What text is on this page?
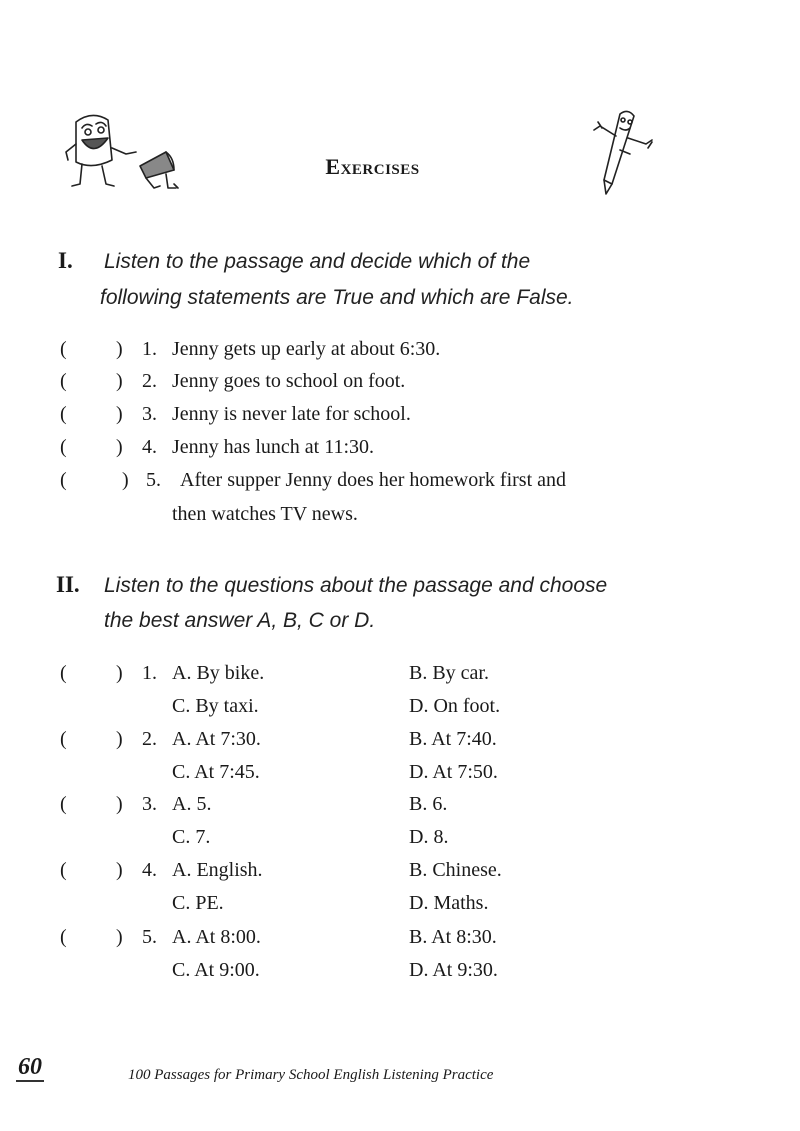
Exercises
I. Listen to the passage and decide which of the
following statements are True and which are False.
( ) 1. Jenny gets up early at about 6:30.
( ) 2. Jenny goes to school on foot.
( ) 3. Jenny is never late for school.
( ) 4. Jenny has lunch at 11:30.
(	) 5. After supper Jenny does her homework first and
then watches TV news.
II. Listen to the questions about the passage and choose
the best answer A, B, C or D.
( ) 1. A. By bike.	B. By car.
C. By taxi.	D. On foot.
( ) 2. A. At 7:30.	B. At 7:40.
C. At 7:45.	D. At 7:50.
( ) 3. A. 5.	B. 6.
C. 7.	D. 8.
( ) 4. A. English.	B. Chinese.
C. PE.	D. Maths.
( ) 5. A. At 8:00.	B. At 8:30.
C. At 9:00.	D. At 9:30.
60	100 Passages for Primary School English Listening Practice
